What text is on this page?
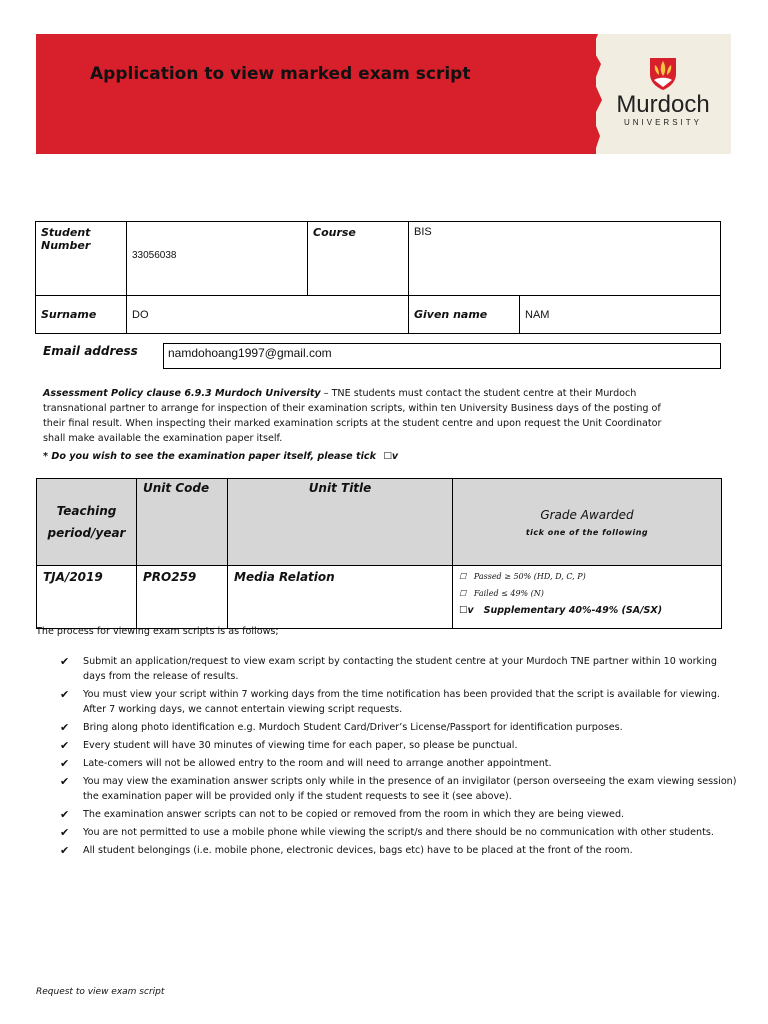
Application to view marked exam script
Murdoch
UNIVERSITY
Student Number	33056038	Course	BIS	

Surname	DO		Given name	NAM
Email address	namdohoang1997@gmail.com
Assessment Policy clause 6.9.3 Murdoch University – TNE students must contact the student centre at their Murdoch transnational partner to arrange for inspection of their examination scripts, within ten University Business days of the posting of their final result. When inspecting their marked examination scripts at the student centre and upon request the Unit Coordinator shall make available the examination paper itself.
* Do you wish to see the examination paper itself, please tick ☐v
Teaching period/year	Unit Code	Unit Title	Grade Awarded
tick one of the following

TJA/2019	PRO259	Media Relation	☐ Passed ≥ 50% (HD, D, C, P)
☐ Failed ≤ 49% (N)
☐v Supplementary 40%-49% (SA/SX)
The process for viewing exam scripts is as follows;
✔ Submit an application/request to view exam script by contacting the student centre at your Murdoch TNE partner within 10 working days from the release of results.
✔ You must view your script within 7 working days from the time notification has been provided that the script is available for viewing. After 7 working days, we cannot entertain viewing script requests.
✔ Bring along photo identification e.g. Murdoch Student Card/Driver’s License/Passport for identification purposes.
✔ Every student will have 30 minutes of viewing time for each paper, so please be punctual.
✔ Late-comers will not be allowed entry to the room and will need to arrange another appointment.
✔ You may view the examination answer scripts only while in the presence of an invigilator (person overseeing the exam viewing session) the examination paper will be provided only if the student requests to see it (see above).
✔ The examination answer scripts can not to be copied or removed from the room in which they are being viewed.
✔ You are not permitted to use a mobile phone while viewing the script/s and there should be no communication with other students.
✔ All student belongings (i.e. mobile phone, electronic devices, bags etc) have to be placed at the front of the room.
Request to view exam script
